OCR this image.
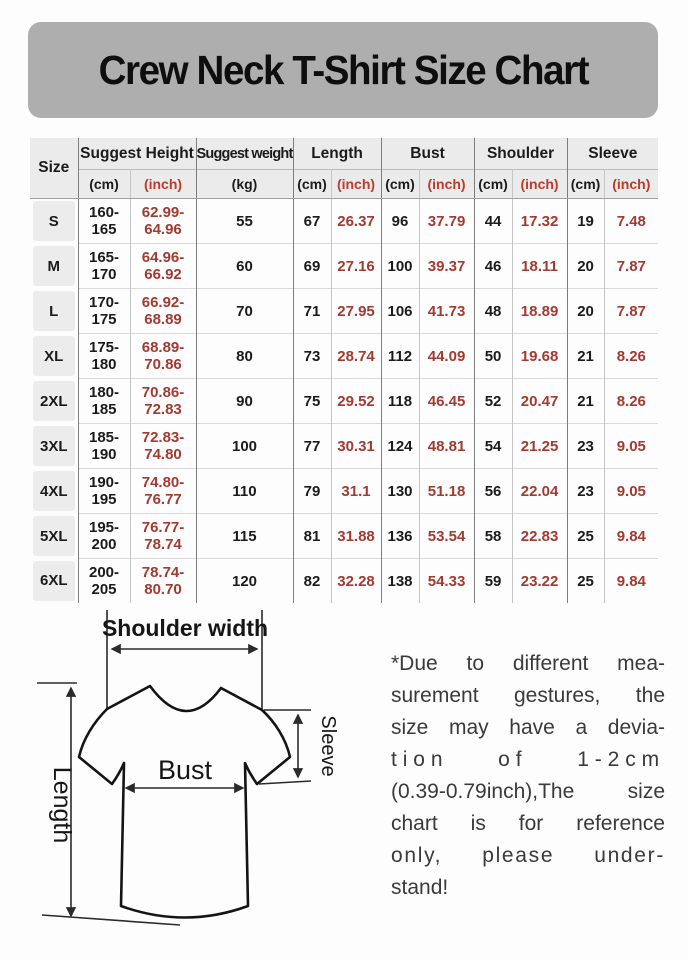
Crew Neck T-Shirt Size Chart
Size	Suggest Height		Suggest weight	Length		Bust		Shoulder		Sleeve	
	(cm)	(inch)	(kg)	(cm)	(inch)	(cm)	(inch)	(cm)	(inch)	(cm)	(inch)

S	160-165	62.99-64.96	55	67	26.37	96	37.79	44	17.32	19	7.48

M	165-170	64.96-66.92	60	69	27.16	100	39.37	46	18.11	20	7.87

L	170-175	66.92-68.89	70	71	27.95	106	41.73	48	18.89	20	7.87

XL	175-180	68.89-70.86	80	73	28.74	112	44.09	50	19.68	21	8.26

2XL	180-185	70.86-72.83	90	75	29.52	118	46.45	52	20.47	21	8.26

3XL	185-190	72.83-74.80	100	77	30.31	124	48.81	54	21.25	23	9.05

4XL	190-195	74.80-76.77	110	79	31.1	130	51.18	56	22.04	23	9.05

5XL	195-200	76.77-78.74	115	81	31.88	136	53.54	58	22.83	25	9.84

6XL	200-205	78.74-80.70	120	82	32.28	138	54.33	59	23.22	25	9.84
Shoulder width
Length
Sleeve
Bust
*Due to different mea-
surement gestures, the
size may have a devia-
tion of 1-2cm
(0.39-0.79inch),The size
chart is for reference
only, please under-
stand!
